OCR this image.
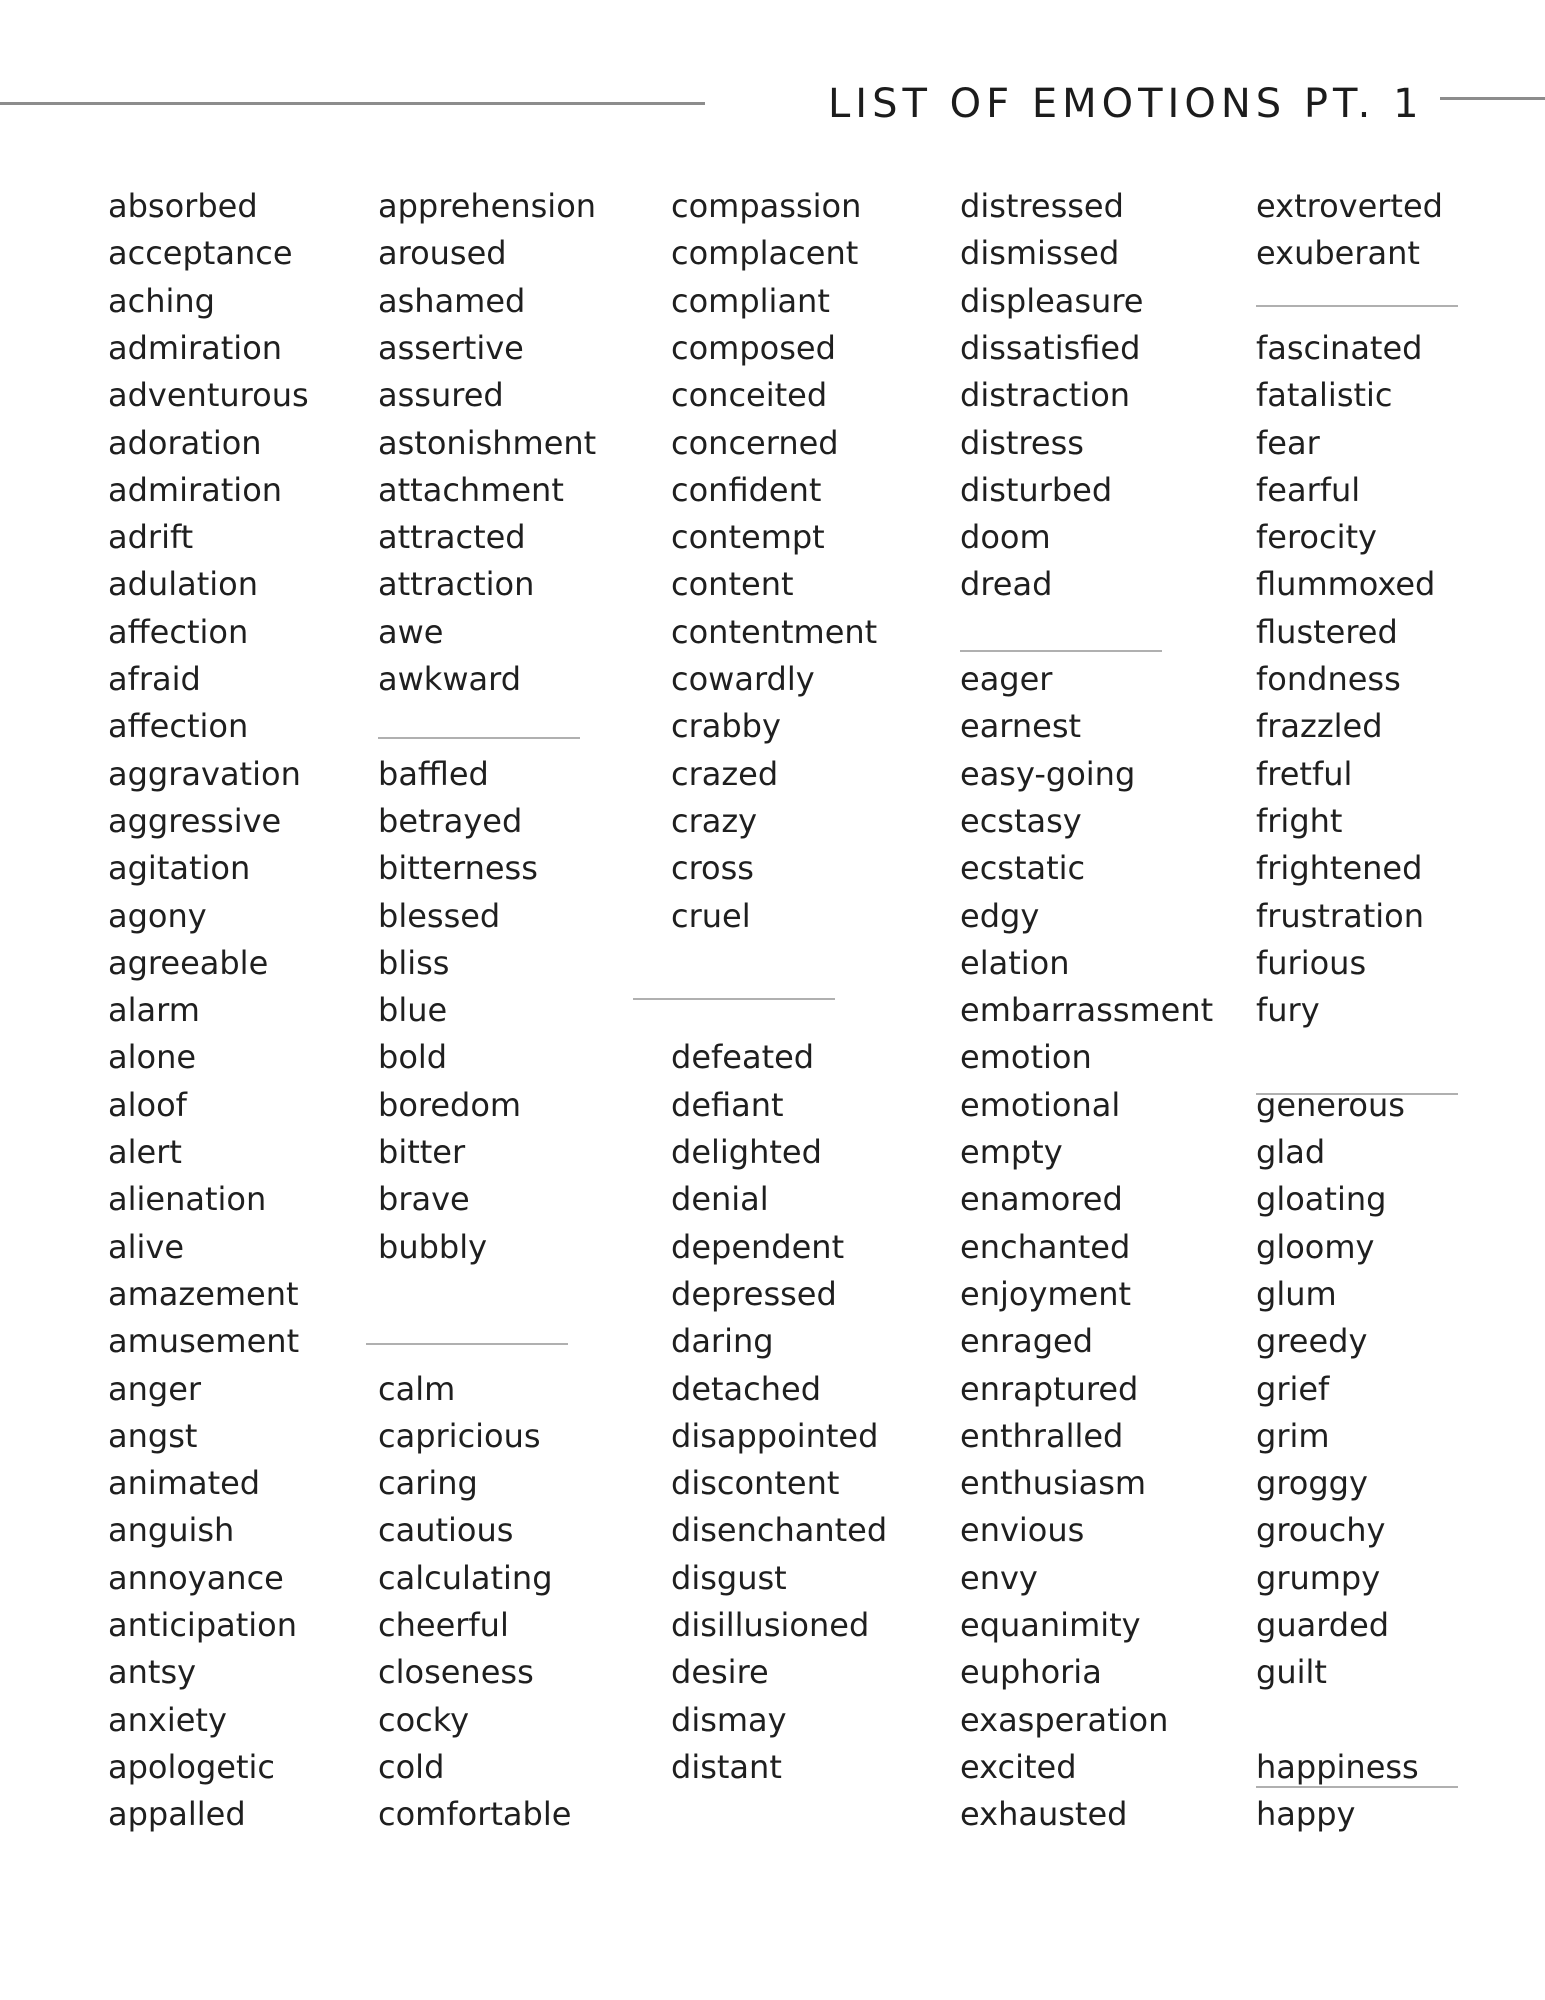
LIST OF EMOTIONS PT. 1
absorbed
acceptance
aching
admiration
adventurous
adoration
admiration
adrift
adulation
affection
afraid
affection
aggravation
aggressive
agitation
agony
agreeable
alarm
alone
aloof
alert
alienation
alive
amazement
amusement
anger
angst
animated
anguish
annoyance
anticipation
antsy
anxiety
apologetic
appalled
apprehension
aroused
ashamed
assertive
assured
astonishment
attachment
attracted
attraction
awe
awkward
baffled
betrayed
bitterness
blessed
bliss
blue
bold
boredom
bitter
brave
bubbly
calm
capricious
caring
cautious
calculating
cheerful
closeness
cocky
cold
comfortable
compassion
complacent
compliant
composed
conceited
concerned
confident
contempt
content
contentment
cowardly
crabby
crazed
crazy
cross
cruel
defeated
defiant
delighted
denial
dependent
depressed
daring
detached
disappointed
discontent
disenchanted
disgust
disillusioned
desire
dismay
distant
distressed
dismissed
displeasure
dissatisfied
distraction
distress
disturbed
doom
dread
eager
earnest
easy-going
ecstasy
ecstatic
edgy
elation
embarrassment
emotion
emotional
empty
enamored
enchanted
enjoyment
enraged
enraptured
enthralled
enthusiasm
envious
envy
equanimity
euphoria
exasperation
excited
exhausted
extroverted
exuberant
fascinated
fatalistic
fear
fearful
ferocity
flummoxed
flustered
fondness
frazzled
fretful
fright
frightened
frustration
furious
fury
generous
glad
gloating
gloomy
glum
greedy
grief
grim
groggy
grouchy
grumpy
guarded
guilt
happiness
happy
